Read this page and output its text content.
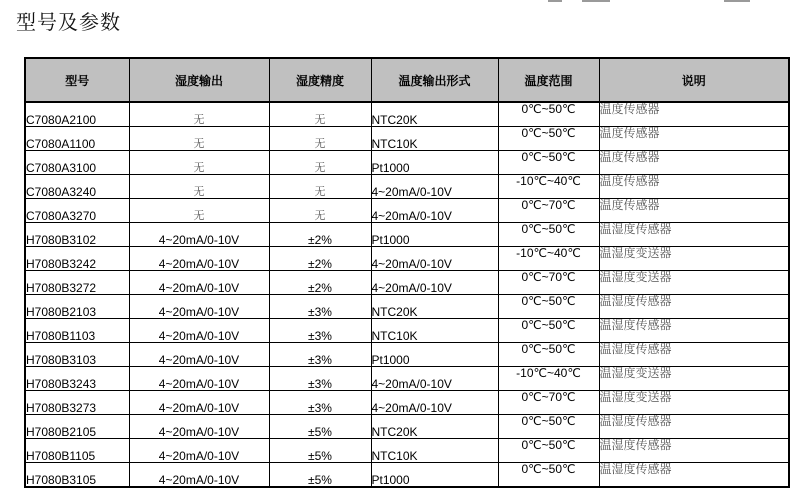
型号及参数
型号	湿度输出	湿度精度	温度输出形式	温度范围	说明
C7080A2100	无	无	NTC20K	0℃~50℃	温度传感器
C7080A1100	无	无	NTC10K	0℃~50℃	温度传感器
C7080A3100	无	无	Pt1000	0℃~50℃	温度传感器
C7080A3240	无	无	4~20mA/0-10V	-10℃~40℃	温度传感器
C7080A3270	无	无	4~20mA/0-10V	0℃~70℃	温度传感器
H7080B3102	4~20mA/0-10V	±2%	Pt1000	0℃~50℃	温湿度传感器
H7080B3242	4~20mA/0-10V	±2%	4~20mA/0-10V	-10℃~40℃	温湿度变送器
H7080B3272	4~20mA/0-10V	±2%	4~20mA/0-10V	0℃~70℃	温湿度变送器
H7080B2103	4~20mA/0-10V	±3%	NTC20K	0℃~50℃	温湿度传感器
H7080B1103	4~20mA/0-10V	±3%	NTC10K	0℃~50℃	温湿度传感器
H7080B3103	4~20mA/0-10V	±3%	Pt1000	0℃~50℃	温湿度传感器
H7080B3243	4~20mA/0-10V	±3%	4~20mA/0-10V	-10℃~40℃	温湿度变送器
H7080B3273	4~20mA/0-10V	±3%	4~20mA/0-10V	0℃~70℃	温湿度变送器
H7080B2105	4~20mA/0-10V	±5%	NTC20K	0℃~50℃	温湿度传感器
H7080B1105	4~20mA/0-10V	±5%	NTC10K	0℃~50℃	温湿度传感器
H7080B3105	4~20mA/0-10V	±5%	Pt1000	0℃~50℃	温湿度传感器
